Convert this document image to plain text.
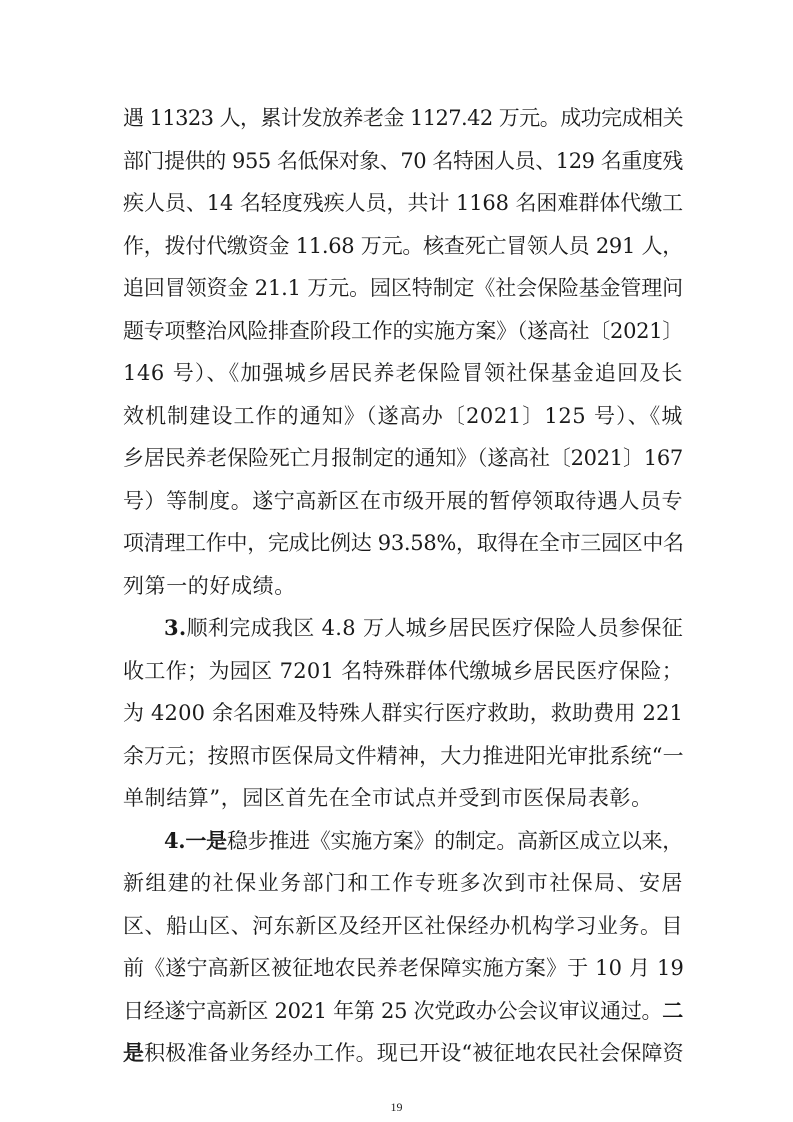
遇 11323 人，累计发放养老金 1127.42 万元。成功完成相关
部门提供的 955 名低保对象、70 名特困人员、129 名重度残
疾人员、14 名轻度残疾人员，共计 1168 名困难群体代缴工
作，拨付代缴资金 11.68 万元。核查死亡冒领人员 291 人，
追回冒领资金 21.1 万元。园区特制定《社会保险基金管理问
题专项整治风险排查阶段工作的实施方案》（遂高社〔2021〕
146 号）、《加强城乡居民养老保险冒领社保基金追回及长
效机制建设工作的通知》（遂高办〔2021〕125 号）、《城
乡居民养老保险死亡月报制定的通知》（遂高社〔2021〕167
号）等制度。遂宁高新区在市级开展的暂停领取待遇人员专
项清理工作中，完成比例达 93.58%，取得在全市三园区中名
列第一的好成绩。
3.顺利完成我区 4.8 万人城乡居民医疗保险人员参保征
收工作；为园区 7201 名特殊群体代缴城乡居民医疗保险；
为 4200 余名困难及特殊人群实行医疗救助，救助费用 221
余万元；按照市医保局文件精神，大力推进阳光审批系统“一
单制结算”，园区首先在全市试点并受到市医保局表彰。
4.一是稳步推进《实施方案》的制定。高新区成立以来，
新组建的社保业务部门和工作专班多次到市社保局、安居
区、船山区、河东新区及经开区社保经办机构学习业务。目
前《遂宁高新区被征地农民养老保障实施方案》于 10 月 19
日经遂宁高新区 2021 年第 25 次党政办公会议审议通过。二
是积极准备业务经办工作。现已开设“被征地农民社会保障资
19
